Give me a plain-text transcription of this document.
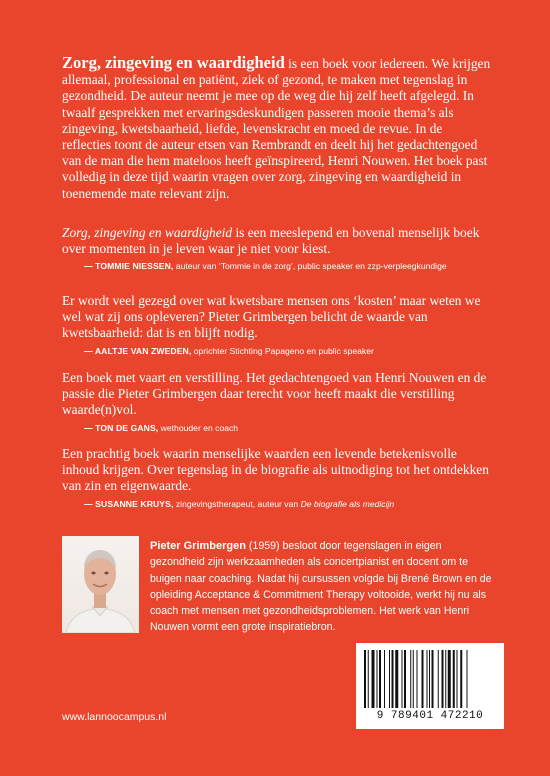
Zorg, zingeving en waardigheid is een boek voor iedereen. We krijgen allemaal, professional en patiënt, ziek of gezond, te maken met tegenslag in gezondheid. De auteur neemt je mee op de weg die hij zelf heeft afgelegd. In twaalf gesprekken met ervaringsdeskundigen passeren mooie thema’s als zingeving, kwetsbaarheid, liefde, levenskracht en moed de revue. In de reflecties toont de auteur etsen van Rembrandt en deelt hij het gedachtengoed van de man die hem mateloos heeft geïnspireerd, Henri Nouwen. Het boek past volledig in deze tijd waarin vragen over zorg, zingeving en waardigheid in toenemende mate relevant zijn.
Zorg, zingeving en waardigheid is een meeslepend en bovenal menselijk boek over momenten in je leven waar je niet voor kiest.
— TOMMIE NIESSEN, auteur van ‘Tommie in de zorg’, public speaker en zzp-verpleegkundige
Er wordt veel gezegd over wat kwetsbare mensen ons ‘kosten’ maar weten we wel wat zij ons opleveren? Pieter Grimbergen belicht de waarde van kwetsbaarheid: dat is en blijft nodig.
— AALTJE VAN ZWEDEN, oprichter Stichting Papageno en public speaker
Een boek met vaart en verstilling. Het gedachtengoed van Henri Nouwen en de passie die Pieter Grimbergen daar terecht voor heeft maakt die verstilling waarde(n)vol.
— TON DE GANS, wethouder en coach
Een prachtig boek waarin menselijke waarden een levende betekenisvolle inhoud krijgen. Over tegenslag in de biografie als uitnodiging tot het ontdekken van zin en eigenwaarde.
— SUSANNE KRUYS, zingevingstherapeut, auteur van De biografie als medicijn
Pieter Grimbergen (1959) besloot door tegenslagen in eigen gezondheid zijn werkzaamheden als concertpianist en docent om te buigen naar coaching. Nadat hij cursussen volgde bij Brené Brown en de opleiding Acceptance & Commitment Therapy voltooide, werkt hij nu als coach met mensen met gezondheidsproblemen. Het werk van Henri Nouwen vormt een grote inspiratiebron.
9 789401 472210
www.lannoocampus.nl
